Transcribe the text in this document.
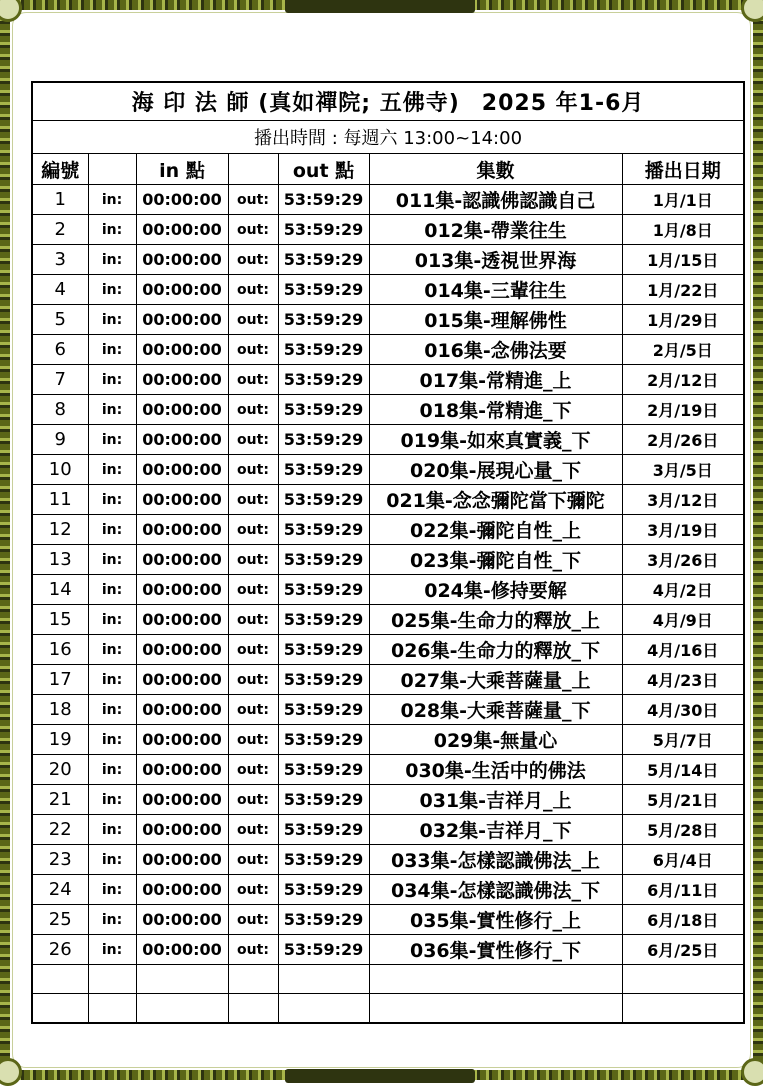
海 印 法 師 (真如禪院; 五佛寺) 2025 年1-6月						
播出時間 : 每週六 13:00~14:00						
編號		in 點		out 點	集數	播出日期
1	in:	00:00:00	out:	53:59:29	011集-認識佛認識自己	1月/1日
2	in:	00:00:00	out:	53:59:29	012集-帶業往生	1月/8日
3	in:	00:00:00	out:	53:59:29	013集-透視世界海	1月/15日
4	in:	00:00:00	out:	53:59:29	014集-三輩往生	1月/22日
5	in:	00:00:00	out:	53:59:29	015集-理解佛性	1月/29日
6	in:	00:00:00	out:	53:59:29	016集-念佛法要	2月/5日
7	in:	00:00:00	out:	53:59:29	017集-常精進_上	2月/12日
8	in:	00:00:00	out:	53:59:29	018集-常精進_下	2月/19日
9	in:	00:00:00	out:	53:59:29	019集-如來真實義_下	2月/26日
10	in:	00:00:00	out:	53:59:29	020集-展現心量_下	3月/5日
11	in:	00:00:00	out:	53:59:29	021集-念念彌陀當下彌陀	3月/12日
12	in:	00:00:00	out:	53:59:29	022集-彌陀自性_上	3月/19日
13	in:	00:00:00	out:	53:59:29	023集-彌陀自性_下	3月/26日
14	in:	00:00:00	out:	53:59:29	024集-修持要解	4月/2日
15	in:	00:00:00	out:	53:59:29	025集-生命力的釋放_上	4月/9日
16	in:	00:00:00	out:	53:59:29	026集-生命力的釋放_下	4月/16日
17	in:	00:00:00	out:	53:59:29	027集-大乘菩薩量_上	4月/23日
18	in:	00:00:00	out:	53:59:29	028集-大乘菩薩量_下	4月/30日
19	in:	00:00:00	out:	53:59:29	029集-無量心	5月/7日
20	in:	00:00:00	out:	53:59:29	030集-生活中的佛法	5月/14日
21	in:	00:00:00	out:	53:59:29	031集-吉祥月_上	5月/21日
22	in:	00:00:00	out:	53:59:29	032集-吉祥月_下	5月/28日
23	in:	00:00:00	out:	53:59:29	033集-怎樣認識佛法_上	6月/4日
24	in:	00:00:00	out:	53:59:29	034集-怎樣認識佛法_下	6月/11日
25	in:	00:00:00	out:	53:59:29	035集-實性修行_上	6月/18日
26	in:	00:00:00	out:	53:59:29	036集-實性修行_下	6月/25日
